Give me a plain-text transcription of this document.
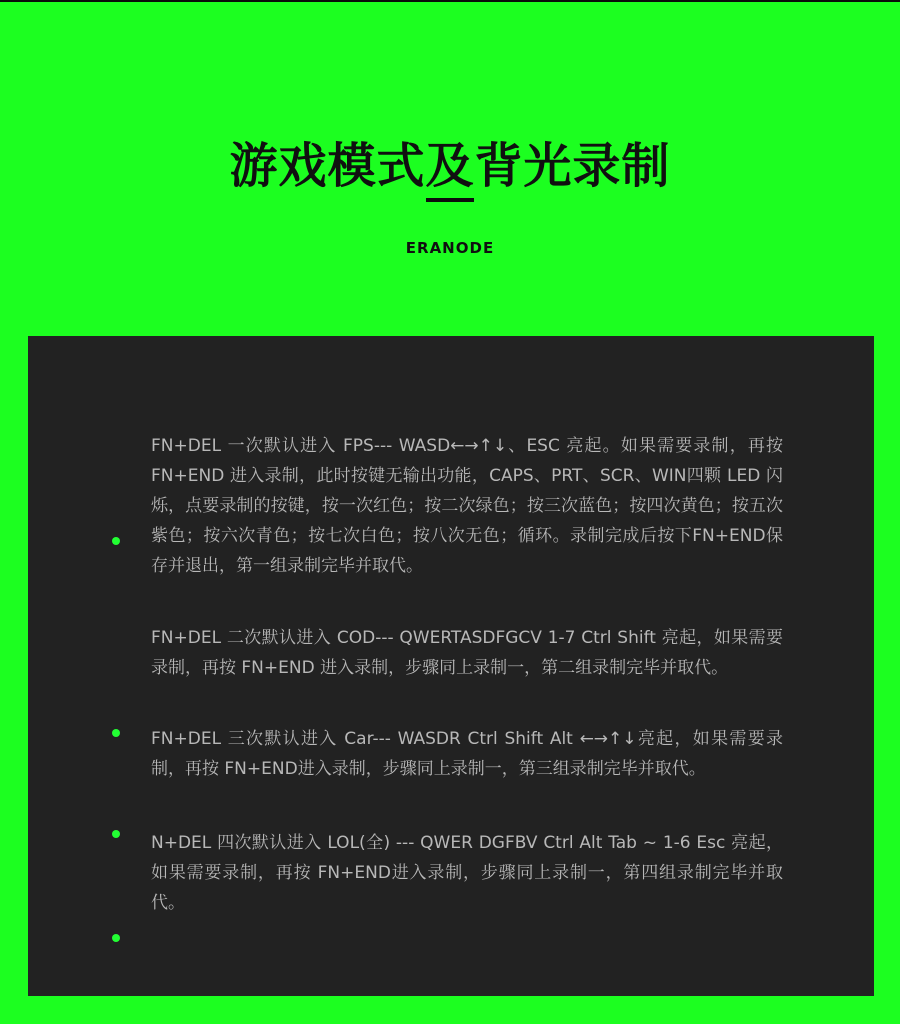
游戏模式及背光录制
ERANODE

FN+DEL 一次默认进入 FPS--- WASD←→↑↓、ESC 亮起。如果需要录制，再按FN+END 进入录制，此时按键无输出功能，CAPS、PRT、SCR、WIN四颗 LED 闪烁，点要录制的按键，按一次红色；按二次绿色；按三次蓝色；按四次黄色；按五次紫色；按六次青色；按七次白色；按八次无色；循环。录制完成后按下FN+END保存并退出，第一组录制完毕并取代。

FN+DEL 二次默认进入 COD--- QWERTASDFGCV 1-7 Ctrl Shift 亮起，如果需要录制，再按 FN+END 进入录制，步骤同上录制一，第二组录制完毕并取代。

FN+DEL 三次默认进入 Car--- WASDR Ctrl Shift Alt ←→↑↓亮起，如果需要录制，再按 FN+END进入录制，步骤同上录制一，第三组录制完毕并取代。

N+DEL 四次默认进入 LOL(全) --- QWER DGFBV Ctrl Alt Tab ~ 1-6 Esc 亮起，如果需要录制，再按 FN+END进入录制，步骤同上录制一，第四组录制完毕并取代。
